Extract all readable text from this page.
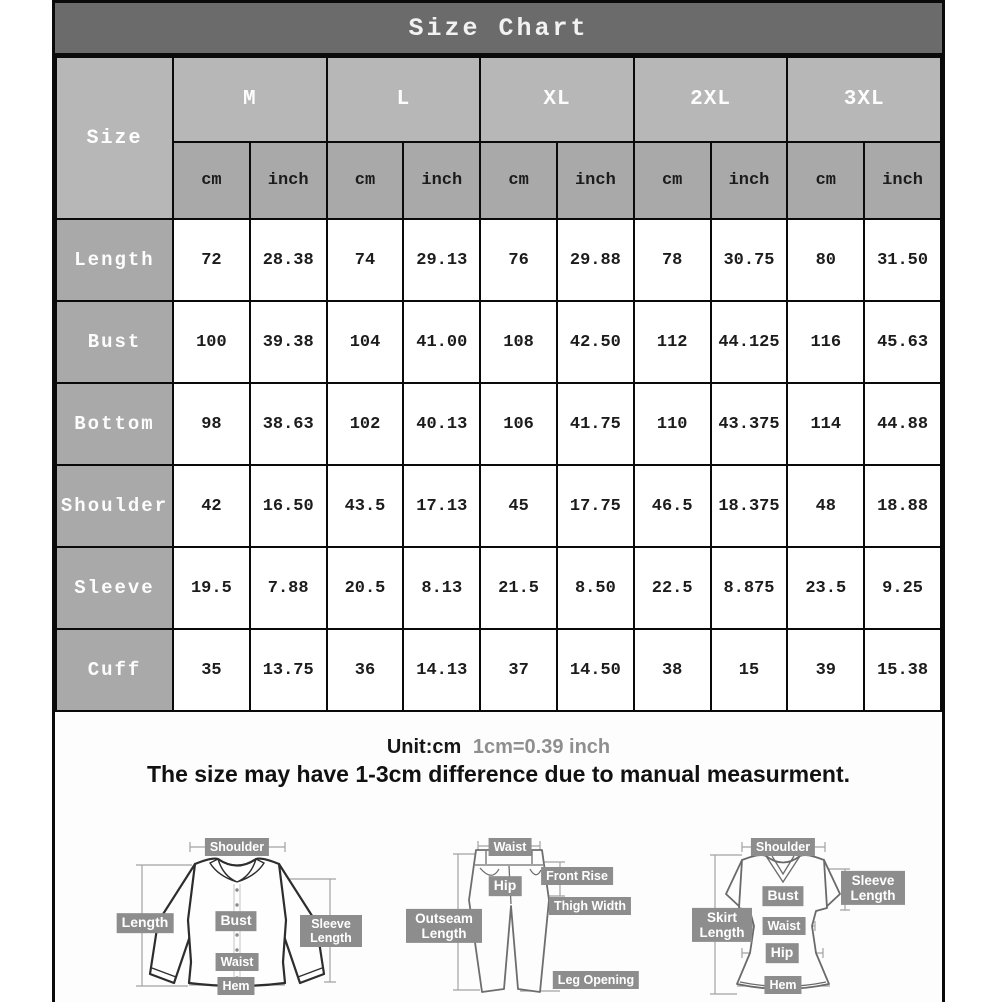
Size Chart
Size	M		L		XL		2XL		3XL	
	cm	inch	cm	inch	cm	inch	cm	inch	cm	inch
Length	72	28.38	74	29.13	76	29.88	78	30.75	80	31.50
Bust	100	39.38	104	41.00	108	42.50	112	44.125	116	45.63
Bottom	98	38.63	102	40.13	106	41.75	110	43.375	114	44.88
Shoulder	42	16.50	43.5	17.13	45	17.75	46.5	18.375	48	18.88
Sleeve	19.5	7.88	20.5	8.13	21.5	8.50	22.5	8.875	23.5	9.25
Cuff	35	13.75	36	14.13	37	14.50	38	15	39	15.38
Unit:cm 1cm=0.39 inch
The size may have 1-3cm difference due to manual measurment.
Shoulder
Length	Bust	Sleeve Length
Waist
Hem
Waist
Front Rise
Hip
Thigh Width
Outseam Length
Leg Opening
Shoulder
Sleeve Length
Bust
Skirt Length	Waist
Hip
Hem
